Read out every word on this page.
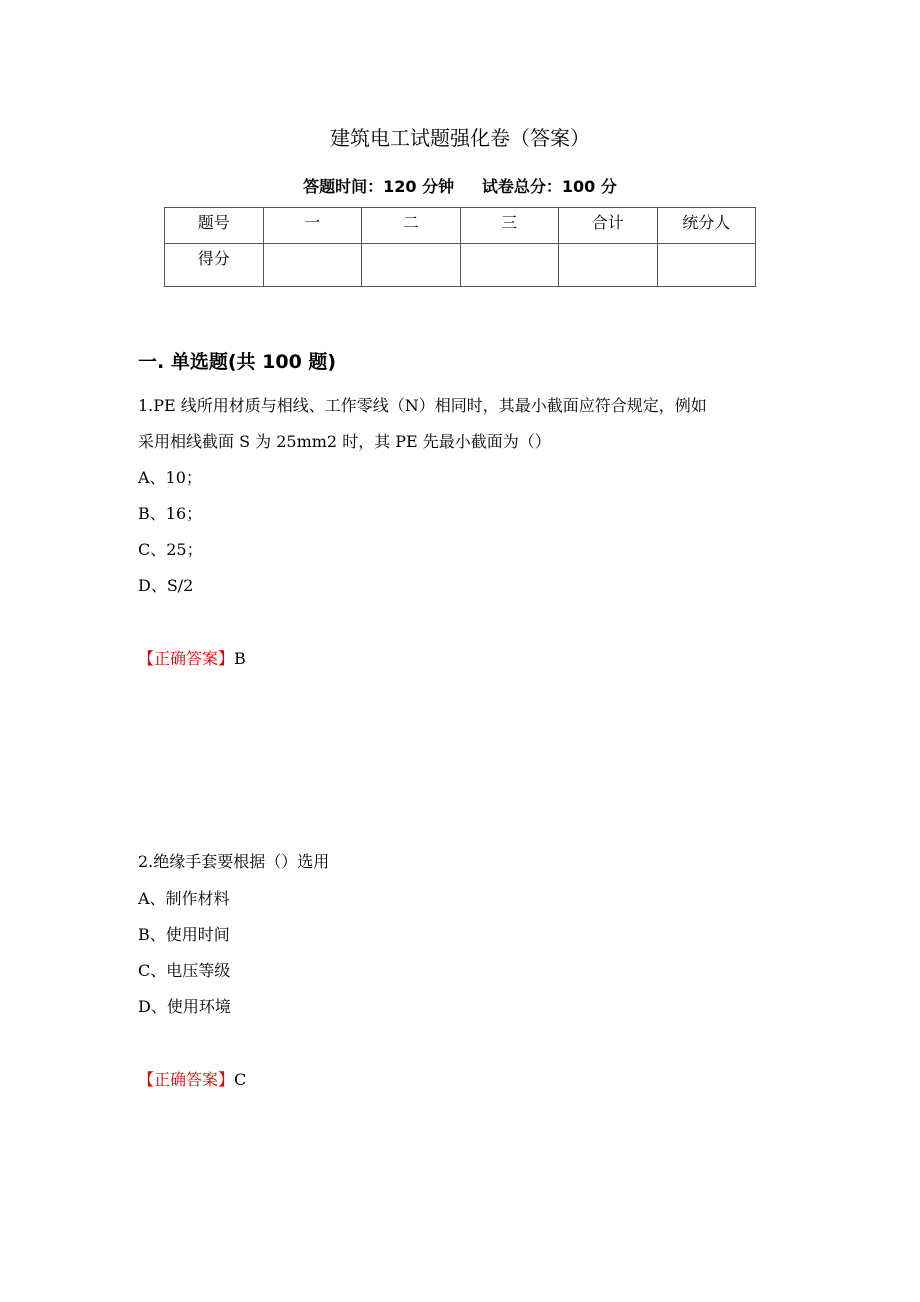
建筑电工试题强化卷（答案）
答题时间：120 分钟     试卷总分：100 分
题号	一	二	三	合计	统分人
得分					
一. 单选题(共 100 题)
1.PE 线所用材质与相线、工作零线（N）相同时，其最小截面应符合规定，例如
采用相线截面 S 为 25mm2 时，其 PE 先最小截面为（）
A、10；
B、16；
C、25；
D、S/2
【正确答案】B
2.绝缘手套要根据（）选用
A、制作材料
B、使用时间
C、电压等级
D、使用环境
【正确答案】C
